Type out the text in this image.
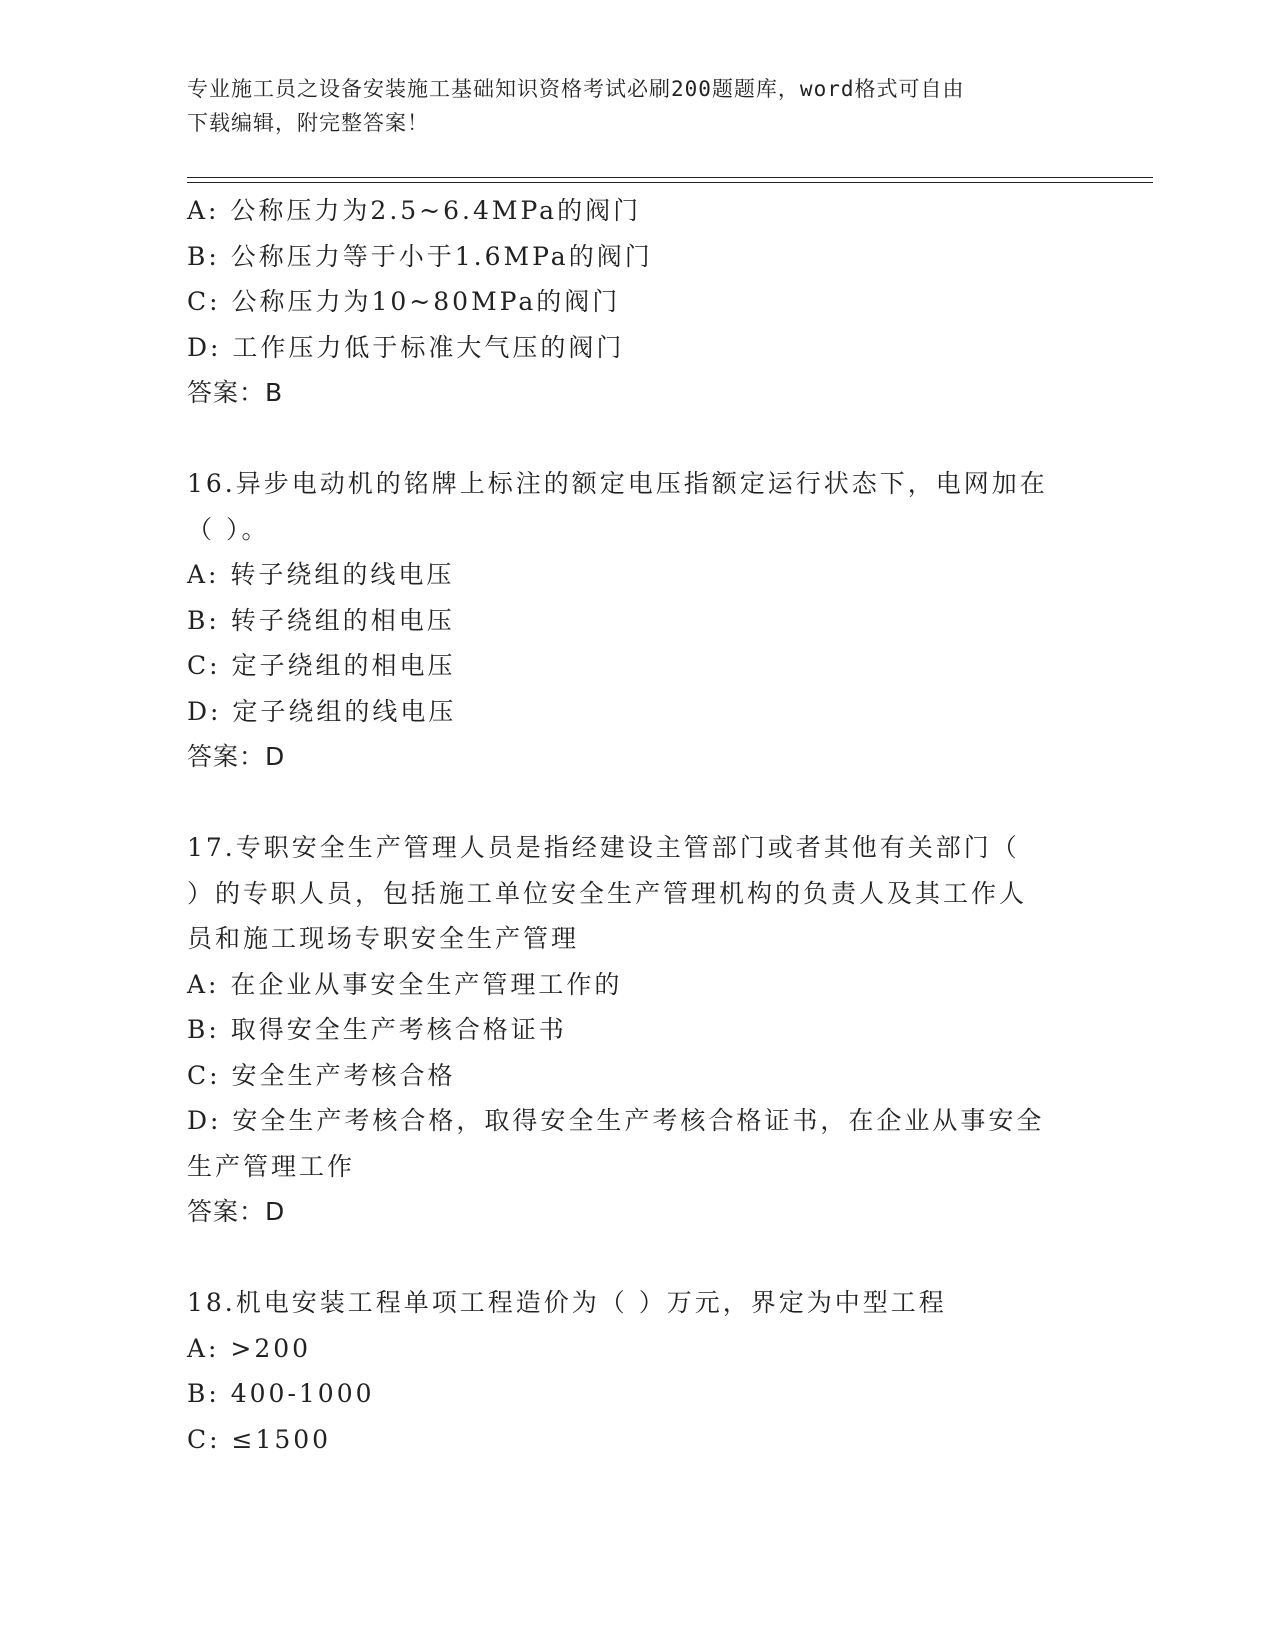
专业施工员之设备安装施工基础知识资格考试必刷200题题库，word格式可自由
下载编辑，附完整答案！
A: 公称压力为2.5~6.4MPa的阀门
B: 公称压力等于小于1.6MPa的阀门
C: 公称压力为10~80MPa的阀门
D: 工作压力低于标准大气压的阀门
答案：B
16.异步电动机的铭牌上标注的额定电压指额定运行状态下，电网加在
（ ）。
A: 转子绕组的线电压
B: 转子绕组的相电压
C: 定子绕组的相电压
D: 定子绕组的线电压
答案：D
17.专职安全生产管理人员是指经建设主管部门或者其他有关部门（
）的专职人员，包括施工单位安全生产管理机构的负责人及其工作人
员和施工现场专职安全生产管理
A: 在企业从事安全生产管理工作的
B: 取得安全生产考核合格证书
C: 安全生产考核合格
D: 安全生产考核合格，取得安全生产考核合格证书，在企业从事安全
生产管理工作
答案：D
18.机电安装工程单项工程造价为（ ）万元，界定为中型工程
A: >200
B: 400-1000
C: ≤1500
